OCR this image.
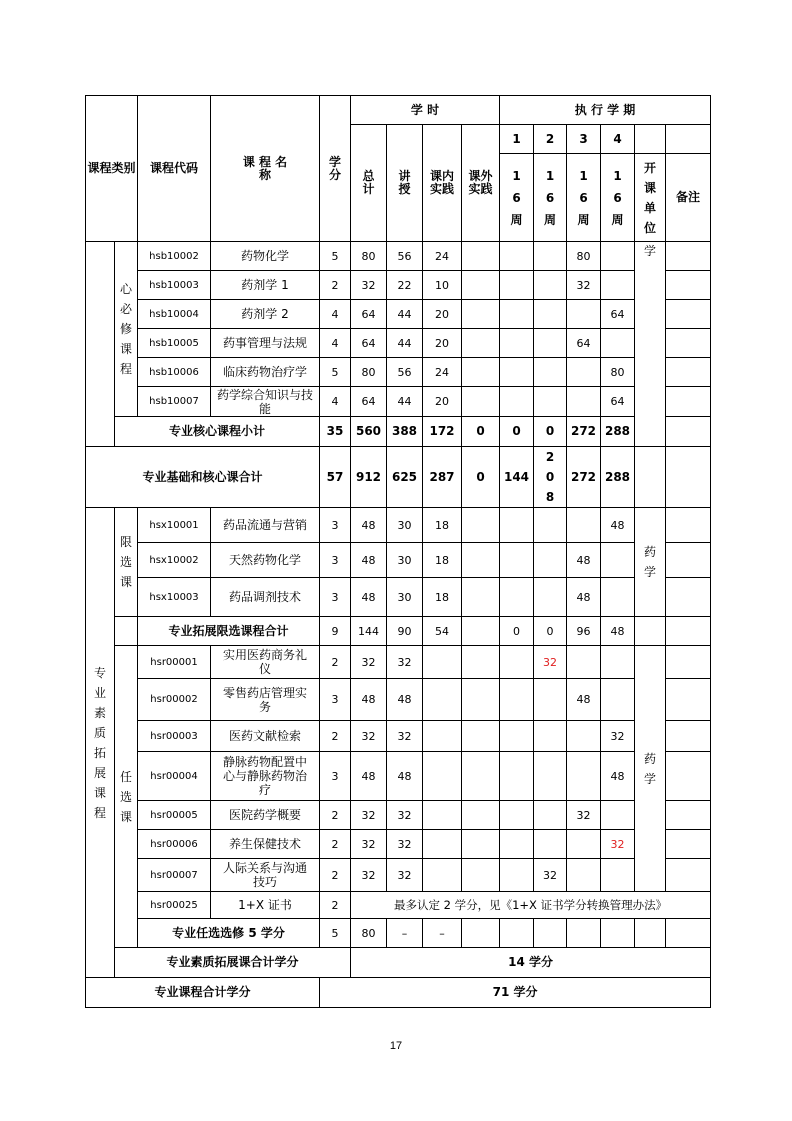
课程类别		课程代码	课 程 名 称	学分	学 时				执 行 学 期					
					总计	讲授	课内实践	课外实践	1	2	3	4		
									16周	16周	16周	16周	开课单位	备注
	心必修课程	hsb10002	药物化学	5	80	56	24				80		学	
		hsb10003	药剂学 1	2	32	22	10				32			
		hsb10004	药剂学 2	4	64	44	20					64		
		hsb10005	药事管理与法规	4	64	44	20				64			
		hsb10006	临床药物治疗学	5	80	56	24					80		
		hsb10007	药学综合知识与技能	4	64	44	20					64		
	专业核心课程小计			35	560	388	172	0	0	0	272	288		
专业基础和核心课合计				57	912	625	287	0	144	208	272	288		
专业素质拓展课程	限选课	hsx10001	药品流通与营销	3	48	30	18					48	药学	
		hsx10002	天然药物化学	3	48	30	18				48			
		hsx10003	药品调剂技术	3	48	30	18				48			
		专业拓展限选课程合计		9	144	90	54		0	0	96	48		
	任选课	hsr00001	实用医药商务礼仪	2	32	32				32			药学	
		hsr00002	零售药店管理实务	3	48	48					48			
		hsr00003	医药文献检索	2	32	32						32		
		hsr00004	静脉药物配置中心与静脉药物治疗	3	48	48						48		
		hsr00005	医院药学概要	2	32	32					32			
		hsr00006	养生保健技术	2	32	32						32		
		hsr00007	人际关系与沟通技巧	2	32	32				32				
		hsr00025	1+X 证书	2	最多认定 2 学分，见《1+X 证书学分转换管理办法》									
		专业任选选修 5 学分		5	80	–	–							
	专业素质拓展课合计学分				14 学分									
专业课程合计学分				71 学分										
17
